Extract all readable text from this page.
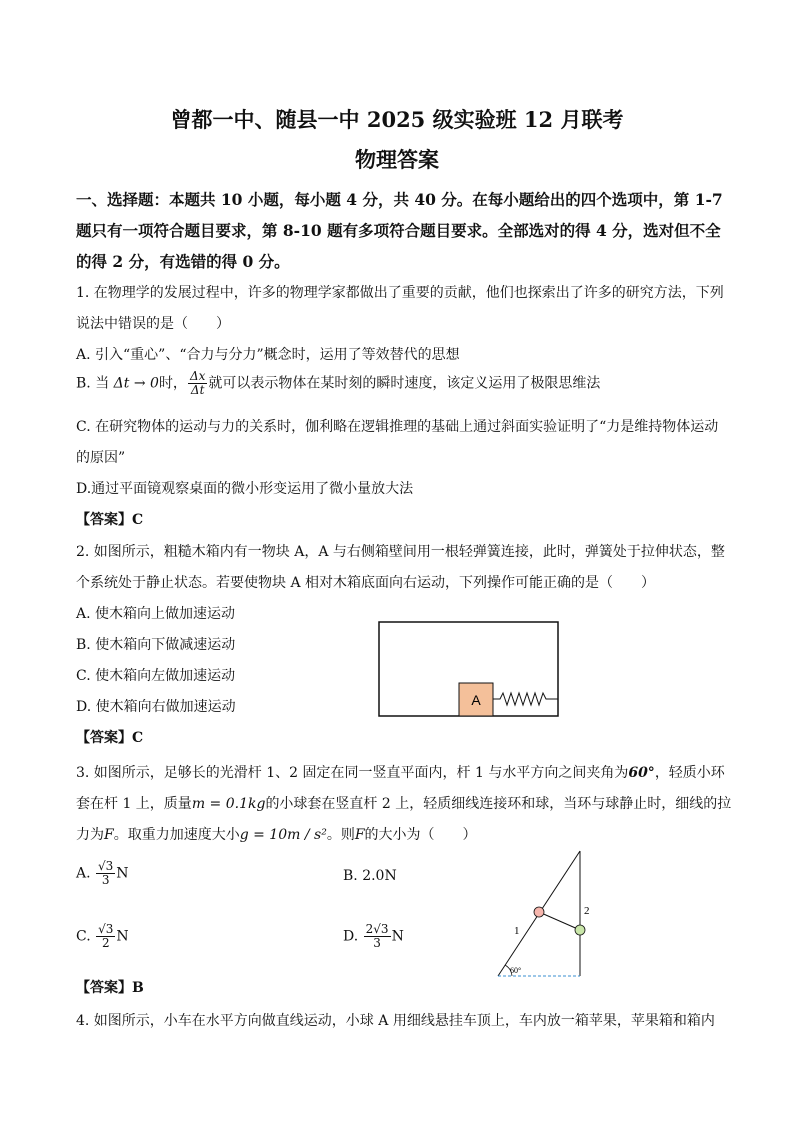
曾都一中、随县一中 2025 级实验班 12 月联考
物理答案
一、选择题：本题共 10 小题，每小题 4 分，共 40 分。在每小题给出的四个选项中，第 1-7
题只有一项符合题目要求，第 8-10 题有多项符合题目要求。全部选对的得 4 分，选对但不全
的得 2 分，有选错的得 0 分。
1. 在物理学的发展过程中，许多的物理学家都做出了重要的贡献，他们也探索出了许多的研究方法，下列
说法中错误的是（　　）
A. 引入“重心”、“合力与分力”概念时，运用了等效替代的思想
B. 当 Δt → 0时， $\frac{\Delta x}{\Delta t}$ 就可以表示物体在某时刻的瞬时速度，该定义运用了极限思维法
C. 在研究物体的运动与力的关系时，伽利略在逻辑推理的基础上通过斜面实验证明了“力是维持物体运动
的原因”
D.通过平面镜观察桌面的微小形变运用了微小量放大法
【答案】C
2. 如图所示，粗糙木箱内有一物块 A，A 与右侧箱壁间用一根轻弹簧连接，此时，弹簧处于拉伸状态，整
个系统处于静止状态。若要使物块 A 相对木箱底面向右运动，下列操作可能正确的是（　　）
A. 使木箱向上做加速运动
B. 使木箱向下做减速运动
C. 使木箱向左做加速运动
D. 使木箱向右做加速运动
【答案】C
A
3. 如图所示，足够长的光滑杆 1、2 固定在同一竖直平面内，杆 1 与水平方向之间夹角为60°，轻质小环
套在杆 1 上，质量m = 0.1kg的小球套在竖直杆 2 上，轻质细线连接环和球，当环与球静止时，细线的拉
力为F。取重力加速度大小g = 10m / s²。则F的大小为（　　）
A. $\frac{√3}{3}$ N	B. 2.0N
C. $\frac{√3}{2}$ N	D. $\frac{2√3}{3}$ N
【答案】B
1
2
60°
4. 如图所示，小车在水平方向做直线运动，小球 A 用细线悬挂车顶上，车内放一箱苹果，苹果箱和箱内
